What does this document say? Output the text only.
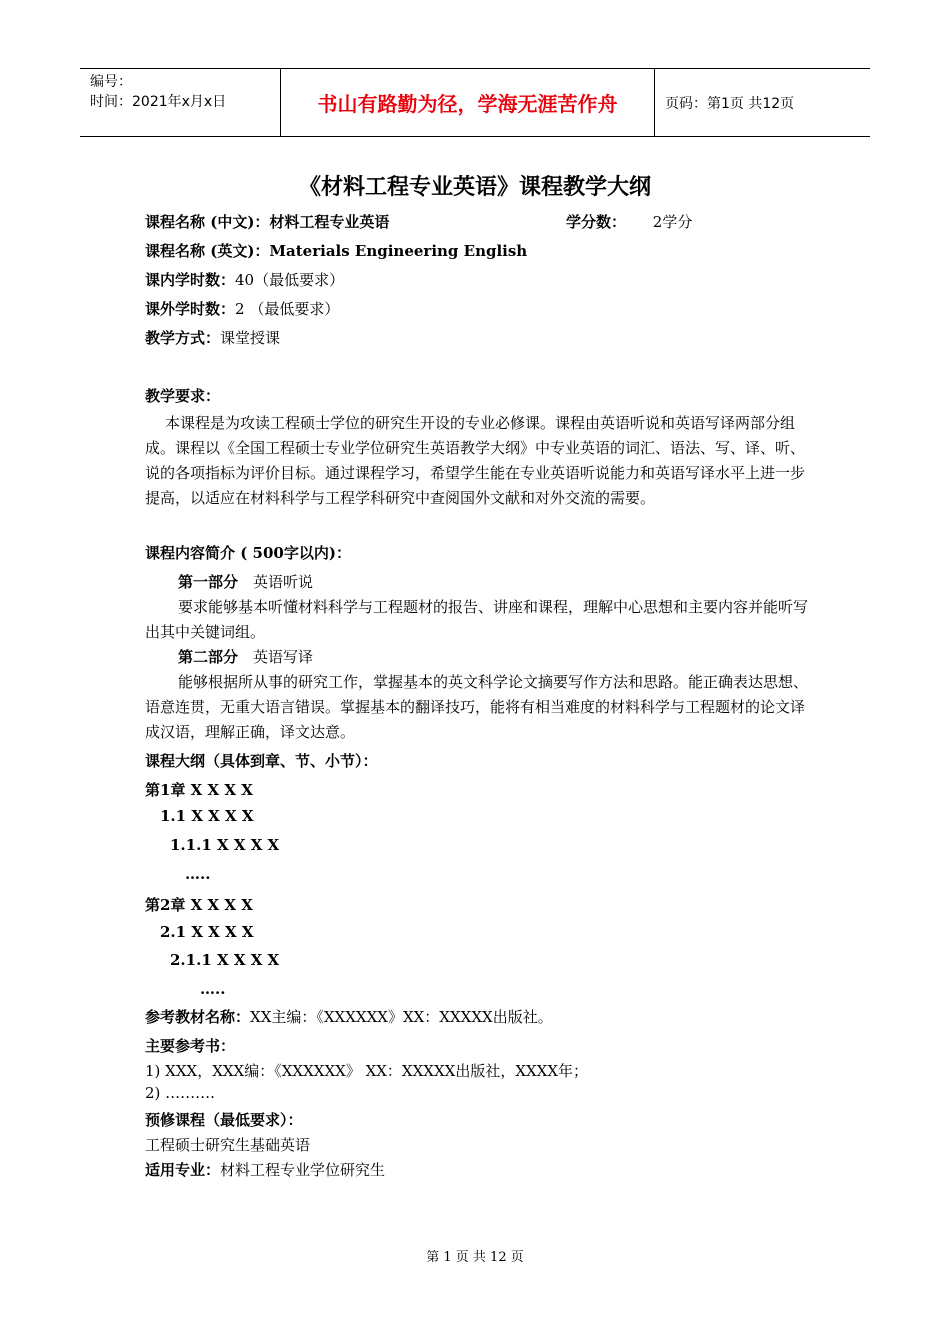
编号：
时间：2021年x月x日	书山有路勤为径，学海无涯苦作舟	页码：第1页 共12页
《材料工程专业英语》课程教学大纲
课程名称 (中文)：材料工程专业英语	学分数： 2学分
课程名称 (英文)：Materials Engineering English
课内学时数：40（最低要求）
课外学时数：2 （最低要求）
教学方式：课堂授课
教学要求：
本课程是为攻读工程硕士学位的研究生开设的专业必修课。课程由英语听说和英语写译两部分组成。课程以《全国工程硕士专业学位研究生英语教学大纲》中专业英语的词汇、语法、写、译、听、说的各项指标为评价目标。通过课程学习，希望学生能在专业英语听说能力和英语写译水平上进一步提高，以适应在材料科学与工程学科研究中查阅国外文献和对外交流的需要。
课程内容简介 ( 500字以内)：
第一部分 英语听说
要求能够基本听懂材料科学与工程题材的报告、讲座和课程，理解中心思想和主要内容并能听写出其中关键词组。
第二部分 英语写译
能够根据所从事的研究工作，掌握基本的英文科学论文摘要写作方法和思路。能正确表达思想、语意连贯，无重大语言错误。掌握基本的翻译技巧，能将有相当难度的材料科学与工程题材的论文译成汉语，理解正确，译文达意。
课程大纲（具体到章、节、小节）：
第1章 X X X X
1.1 X X X X
1.1.1 X X X X
…..
第2章 X X X X
2.1 X X X X
2.1.1 X X X X
…..
参考教材名称：XX主编：《XXXXXX》XX：XXXXX出版社。
主要参考书：
1) XXX，XXX编：《XXXXXX》 XX：XXXXX出版社，XXXX年；
2) ……….
预修课程（最低要求）：
工程硕士研究生基础英语
适用专业：材料工程专业学位研究生
第 1 页 共 12 页
